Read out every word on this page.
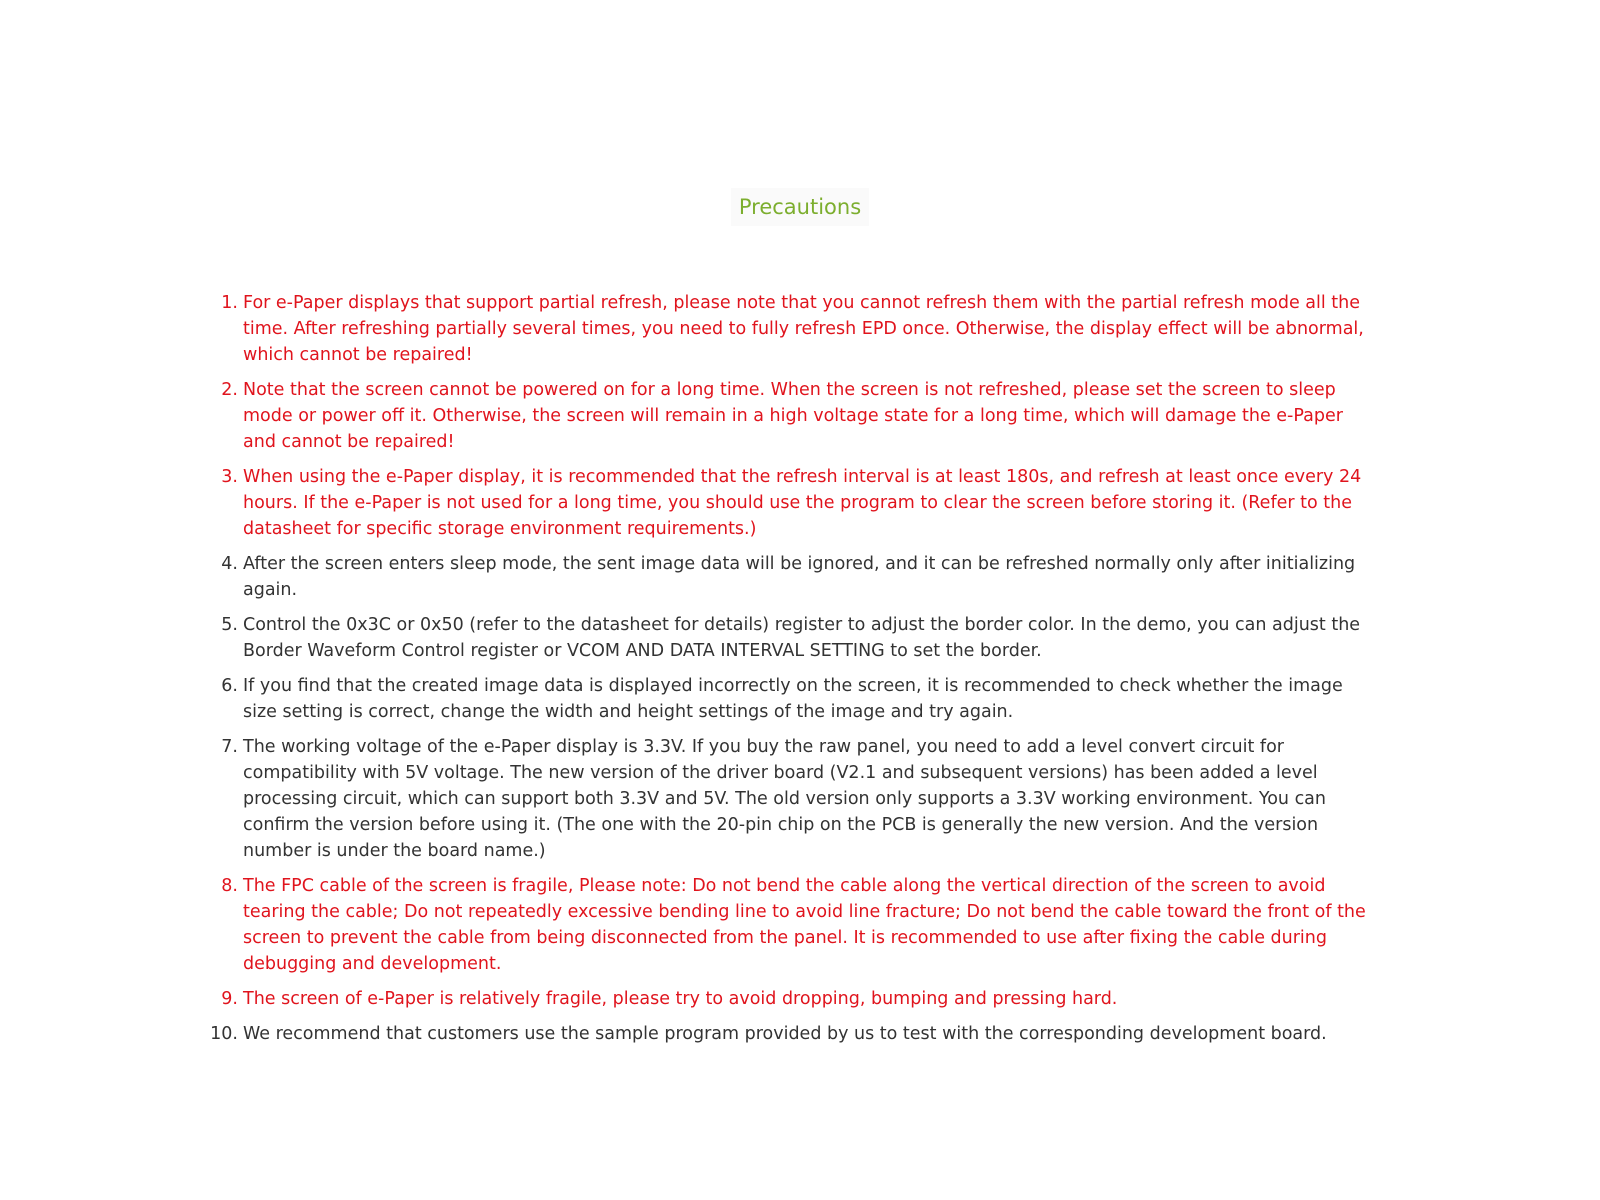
Precautions
1. For e-Paper displays that support partial refresh, please note that you cannot refresh them with the partial refresh mode all the time. After refreshing partially several times, you need to fully refresh EPD once. Otherwise, the display effect will be abnormal, which cannot be repaired!
2. Note that the screen cannot be powered on for a long time. When the screen is not refreshed, please set the screen to sleep mode or power off it. Otherwise, the screen will remain in a high voltage state for a long time, which will damage the e-Paper and cannot be repaired!
3. When using the e-Paper display, it is recommended that the refresh interval is at least 180s, and refresh at least once every 24 hours. If the e-Paper is not used for a long time, you should use the program to clear the screen before storing it. (Refer to the datasheet for specific storage environment requirements.)
4. After the screen enters sleep mode, the sent image data will be ignored, and it can be refreshed normally only after initializing again.
5. Control the 0x3C or 0x50 (refer to the datasheet for details) register to adjust the border color. In the demo, you can adjust the Border Waveform Control register or VCOM AND DATA INTERVAL SETTING to set the border.
6. If you find that the created image data is displayed incorrectly on the screen, it is recommended to check whether the image size setting is correct, change the width and height settings of the image and try again.
7. The working voltage of the e-Paper display is 3.3V. If you buy the raw panel, you need to add a level convert circuit for compatibility with 5V voltage. The new version of the driver board (V2.1 and subsequent versions) has been added a level processing circuit, which can support both 3.3V and 5V. The old version only supports a 3.3V working environment. You can confirm the version before using it. (The one with the 20-pin chip on the PCB is generally the new version. And the version number is under the board name.)
8. The FPC cable of the screen is fragile, Please note: Do not bend the cable along the vertical direction of the screen to avoid tearing the cable; Do not repeatedly excessive bending line to avoid line fracture; Do not bend the cable toward the front of the screen to prevent the cable from being disconnected from the panel. It is recommended to use after fixing the cable during debugging and development.
9. The screen of e-Paper is relatively fragile, please try to avoid dropping, bumping and pressing hard.
10. We recommend that customers use the sample program provided by us to test with the corresponding development board.
